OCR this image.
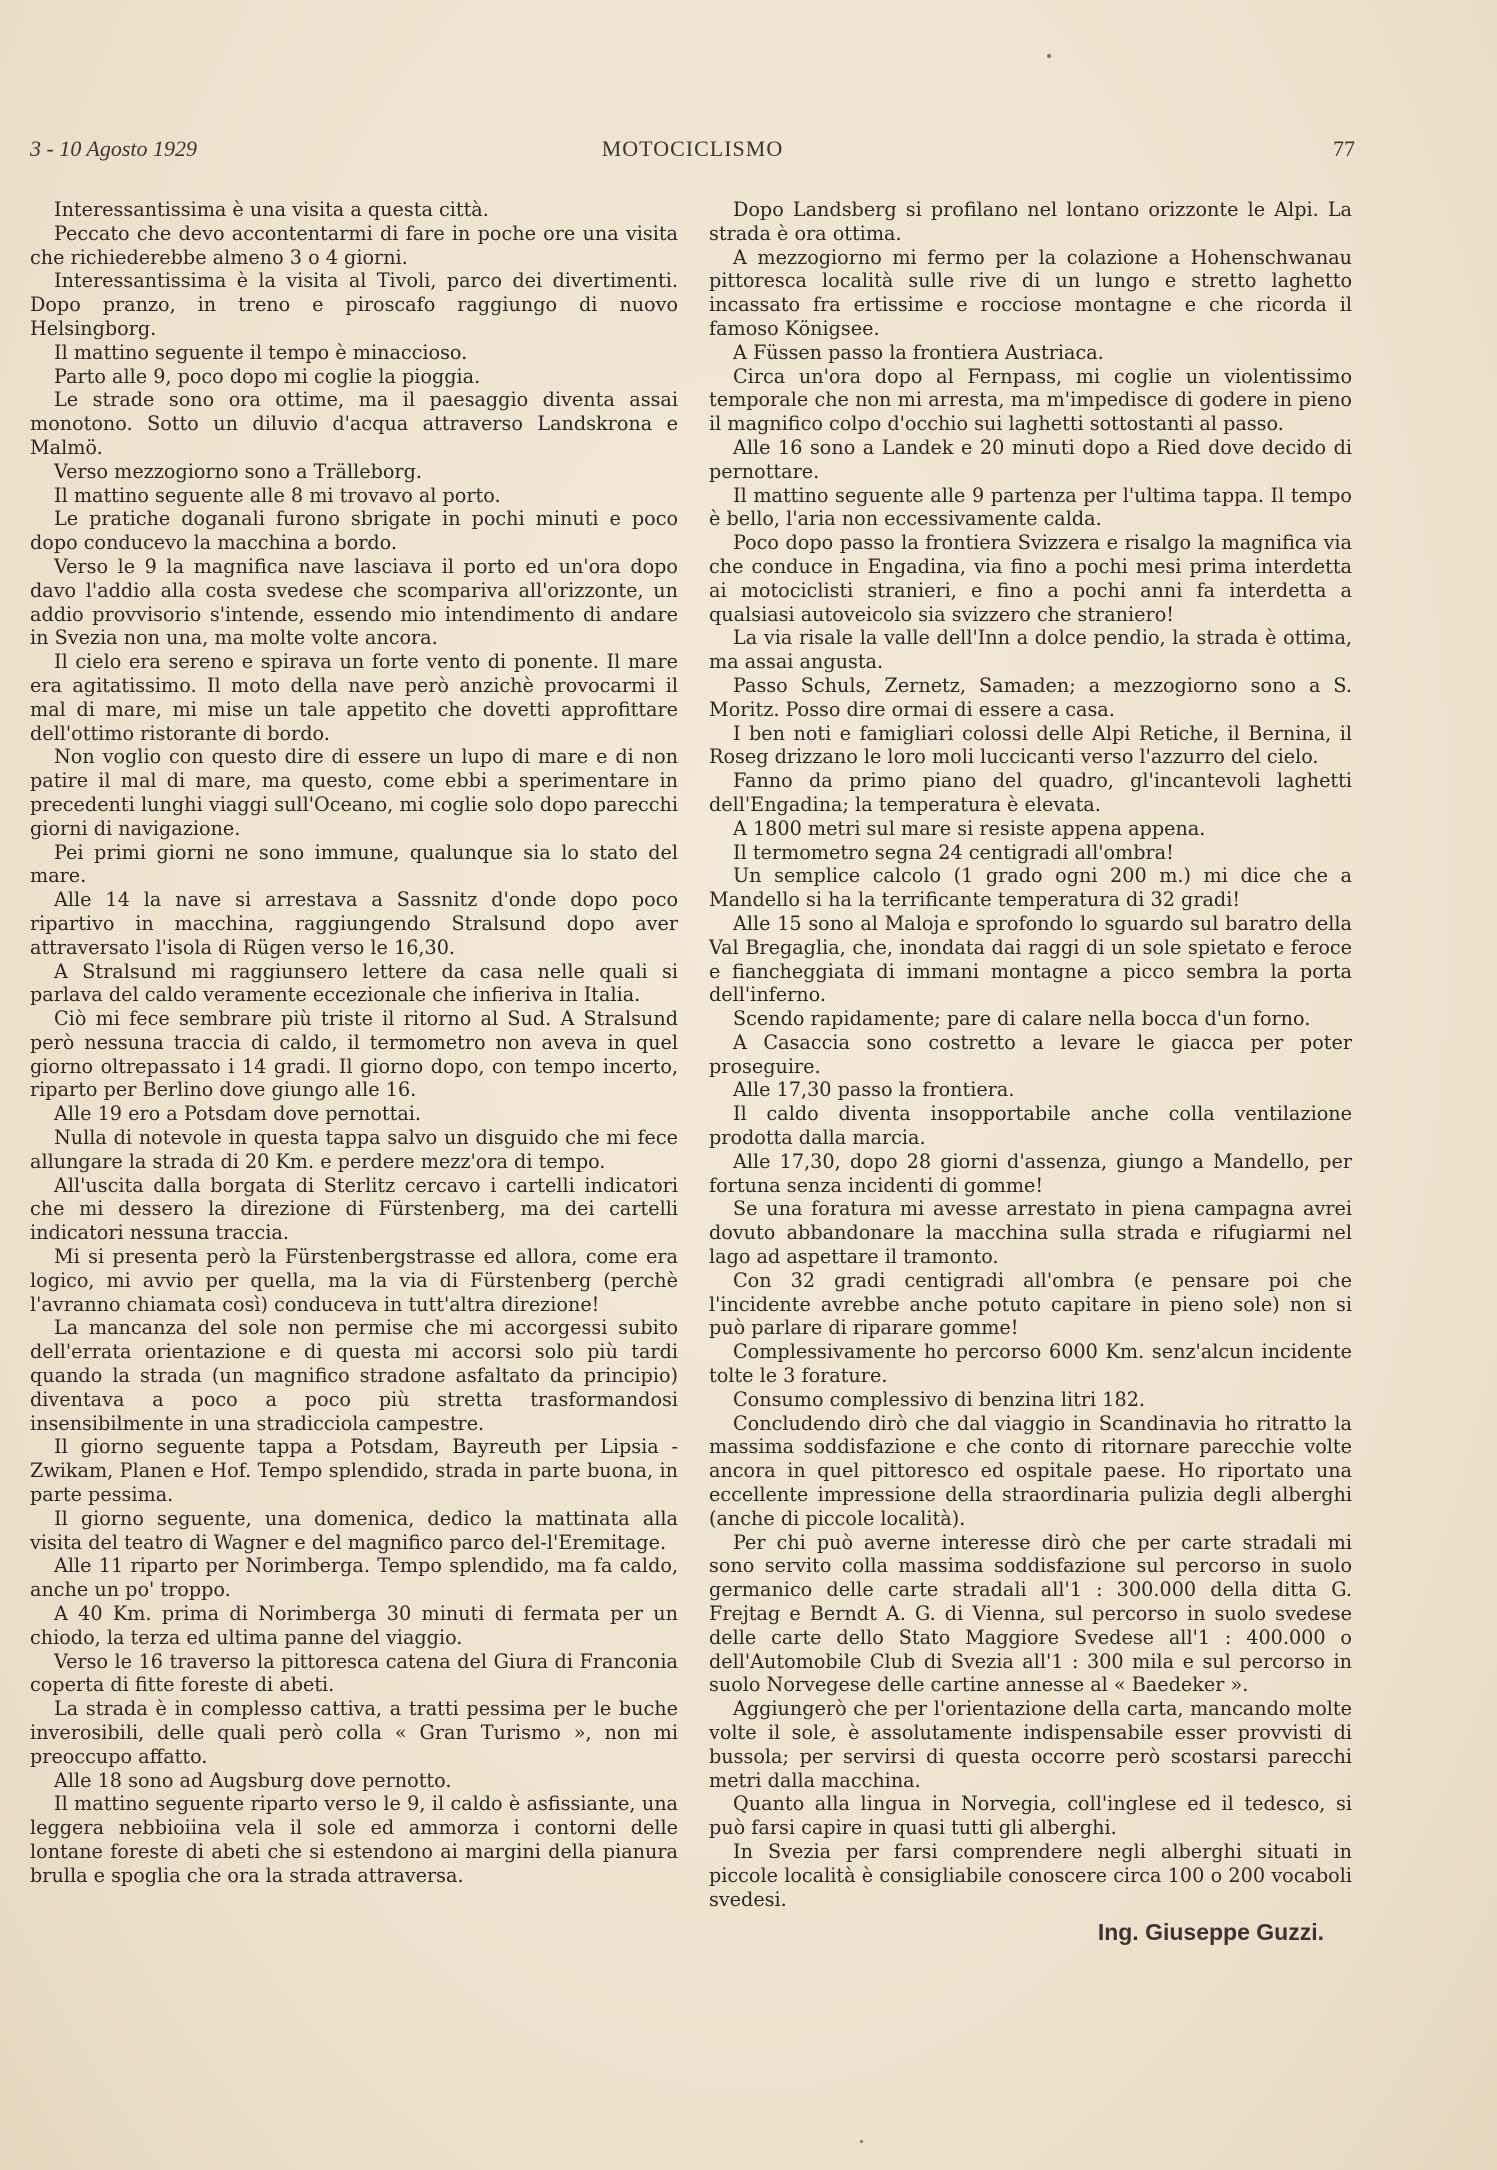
3 - 10 Agosto 1929	MOTOCICLISMO	77

Interessantissima è una visita a questa città.

Peccato che devo accontentarmi di fare in poche ore una visita che richiederebbe almeno 3 o 4 giorni.

Interessantissima è la visita al Tivoli, parco dei divertimenti. Dopo pranzo, in treno e piroscafo raggiungo di nuovo Helsingborg.

Il mattino seguente il tempo è minaccioso.

Parto alle 9, poco dopo mi coglie la pioggia.

Le strade sono ora ottime, ma il paesaggio diventa assai monotono. Sotto un diluvio d'acqua attraverso Landskrona e Malmö.

Verso mezzogiorno sono a Trälleborg.

Il mattino seguente alle 8 mi trovavo al porto.

Le pratiche doganali furono sbrigate in pochi minuti e poco dopo conducevo la macchina a bordo.

Verso le 9 la magnifica nave lasciava il porto ed un'ora dopo davo l'addio alla costa svedese che scompariva all'orizzonte, un addio provvisorio s'intende, essendo mio intendimento di andare in Svezia non una, ma molte volte ancora.

Il cielo era sereno e spirava un forte vento di ponente. Il mare era agitatissimo. Il moto della nave però anzichè provocarmi il mal di mare, mi mise un tale appetito che dovetti approfittare dell'ottimo ristorante di bordo.

Non voglio con questo dire di essere un lupo di mare e di non patire il mal di mare, ma questo, come ebbi a sperimentare in precedenti lunghi viaggi sull'Oceano, mi coglie solo dopo parecchi giorni di navigazione.

Pei primi giorni ne sono immune, qualunque sia lo stato del mare.

Alle 14 la nave si arrestava a Sassnitz d'onde dopo poco ripartivo in macchina, raggiungendo Stralsund dopo aver attraversato l'isola di Rügen verso le 16,30.

A Stralsund mi raggiunsero lettere da casa nelle quali si parlava del caldo veramente eccezionale che infieriva in Italia.

Ciò mi fece sembrare più triste il ritorno al Sud. A Stralsund però nessuna traccia di caldo, il termometro non aveva in quel giorno oltrepassato i 14 gradi. Il giorno dopo, con tempo incerto, riparto per Berlino dove giungo alle 16.

Alle 19 ero a Potsdam dove pernottai.

Nulla di notevole in questa tappa salvo un disguido che mi fece allungare la strada di 20 Km. e perdere mezz'ora di tempo.

All'uscita dalla borgata di Sterlitz cercavo i cartelli indicatori che mi dessero la direzione di Fürstenberg, ma dei cartelli indicatori nessuna traccia.

Mi si presenta però la Fürstenbergstrasse ed allora, come era logico, mi avvio per quella, ma la via di Fürstenberg (perchè l'avranno chiamata così) conduceva in tutt'altra direzione!

La mancanza del sole non permise che mi accorgessi subito dell'errata orientazione e di questa mi accorsi solo più tardi quando la strada (un magnifico stradone asfaltato da principio) diventava a poco a poco più stretta trasformandosi insensibilmente in una stradicciola campestre.

Il giorno seguente tappa a Potsdam, Bayreuth per Lipsia - Zwikam, Planen e Hof. Tempo splendido, strada in parte buona, in parte pessima.

Il giorno seguente, una domenica, dedico la mattinata alla visita del teatro di Wagner e del magnifico parco del-l'Eremitage.

Alle 11 riparto per Norimberga. Tempo splendido, ma fa caldo, anche un po' troppo.

A 40 Km. prima di Norimberga 30 minuti di fermata per un chiodo, la terza ed ultima panne del viaggio.

Verso le 16 traverso la pittoresca catena del Giura di Franconia coperta di fitte foreste di abeti.

La strada è in complesso cattiva, a tratti pessima per le buche inverosibili, delle quali però colla « Gran Turismo », non mi preoccupo affatto.

Alle 18 sono ad Augsburg dove pernotto.

Il mattino seguente riparto verso le 9, il caldo è asfissiante, una leggera nebbioiina vela il sole ed ammorza i contorni delle lontane foreste di abeti che si estendono ai margini della pianura brulla e spoglia che ora la strada attraversa.

Dopo Landsberg si profilano nel lontano orizzonte le Alpi. La strada è ora ottima.

A mezzogiorno mi fermo per la colazione a Hohenschwanau pittoresca località sulle rive di un lungo e stretto laghetto incassato fra ertissime e rocciose montagne e che ricorda il famoso Königsee.

A Füssen passo la frontiera Austriaca.

Circa un'ora dopo al Fernpass, mi coglie un violentissimo temporale che non mi arresta, ma m'impedisce di godere in pieno il magnifico colpo d'occhio sui laghetti sottostanti al passo.

Alle 16 sono a Landek e 20 minuti dopo a Ried dove decido di pernottare.

Il mattino seguente alle 9 partenza per l'ultima tappa. Il tempo è bello, l'aria non eccessivamente calda.

Poco dopo passo la frontiera Svizzera e risalgo la magnifica via che conduce in Engadina, via fino a pochi mesi prima interdetta ai motociclisti stranieri, e fino a pochi anni fa interdetta a qualsiasi autoveicolo sia svizzero che straniero!

La via risale la valle dell'Inn a dolce pendio, la strada è ottima, ma assai angusta.

Passo Schuls, Zernetz, Samaden; a mezzogiorno sono a S. Moritz. Posso dire ormai di essere a casa.

I ben noti e famigliari colossi delle Alpi Retiche, il Bernina, il Roseg drizzano le loro moli luccicanti verso l'azzurro del cielo.

Fanno da primo piano del quadro, gl'incantevoli laghetti dell'Engadina; la temperatura è elevata.

A 1800 metri sul mare si resiste appena appena.

Il termometro segna 24 centigradi all'ombra!

Un semplice calcolo (1 grado ogni 200 m.) mi dice che a Mandello si ha la terrificante temperatura di 32 gradi!

Alle 15 sono al Maloja e sprofondo lo sguardo sul baratro della Val Bregaglia, che, inondata dai raggi di un sole spietato e feroce e fiancheggiata di immani montagne a picco sembra la porta dell'inferno.

Scendo rapidamente; pare di calare nella bocca d'un forno.

A Casaccia sono costretto a levare le giacca per poter proseguire.

Alle 17,30 passo la frontiera.

Il caldo diventa insopportabile anche colla ventilazione prodotta dalla marcia.

Alle 17,30, dopo 28 giorni d'assenza, giungo a Mandello, per fortuna senza incidenti di gomme!

Se una foratura mi avesse arrestato in piena campagna avrei dovuto abbandonare la macchina sulla strada e rifugiarmi nel lago ad aspettare il tramonto.

Con 32 gradi centigradi all'ombra (e pensare poi che l'incidente avrebbe anche potuto capitare in pieno sole) non si può parlare di riparare gomme!

Complessivamente ho percorso 6000 Km. senz'alcun incidente tolte le 3 forature.

Consumo complessivo di benzina litri 182.

Concludendo dirò che dal viaggio in Scandinavia ho ritratto la massima soddisfazione e che conto di ritornare parecchie volte ancora in quel pittoresco ed ospitale paese. Ho riportato una eccellente impressione della straordinaria pulizia degli alberghi (anche di piccole località).

Per chi può averne interesse dirò che per carte stradali mi sono servito colla massima soddisfazione sul percorso in suolo germanico delle carte stradali all'1 : 300.000 della ditta G. Frejtag e Berndt A. G. di Vienna, sul percorso in suolo svedese delle carte dello Stato Maggiore Svedese all'1 : 400.000 o dell'Automobile Club di Svezia all'1 : 300 mila e sul percorso in suolo Norvegese delle cartine annesse al « Baedeker ».

Aggiungerò che per l'orientazione della carta, mancando molte volte il sole, è assolutamente indispensabile esser provvisti di bussola; per servirsi di questa occorre però scostarsi parecchi metri dalla macchina.

Quanto alla lingua in Norvegia, coll'inglese ed il tedesco, si può farsi capire in quasi tutti gli alberghi.

In Svezia per farsi comprendere negli alberghi situati in piccole località è consigliabile conoscere circa 100 o 200 vocaboli svedesi.

Ing. Giuseppe Guzzi.
